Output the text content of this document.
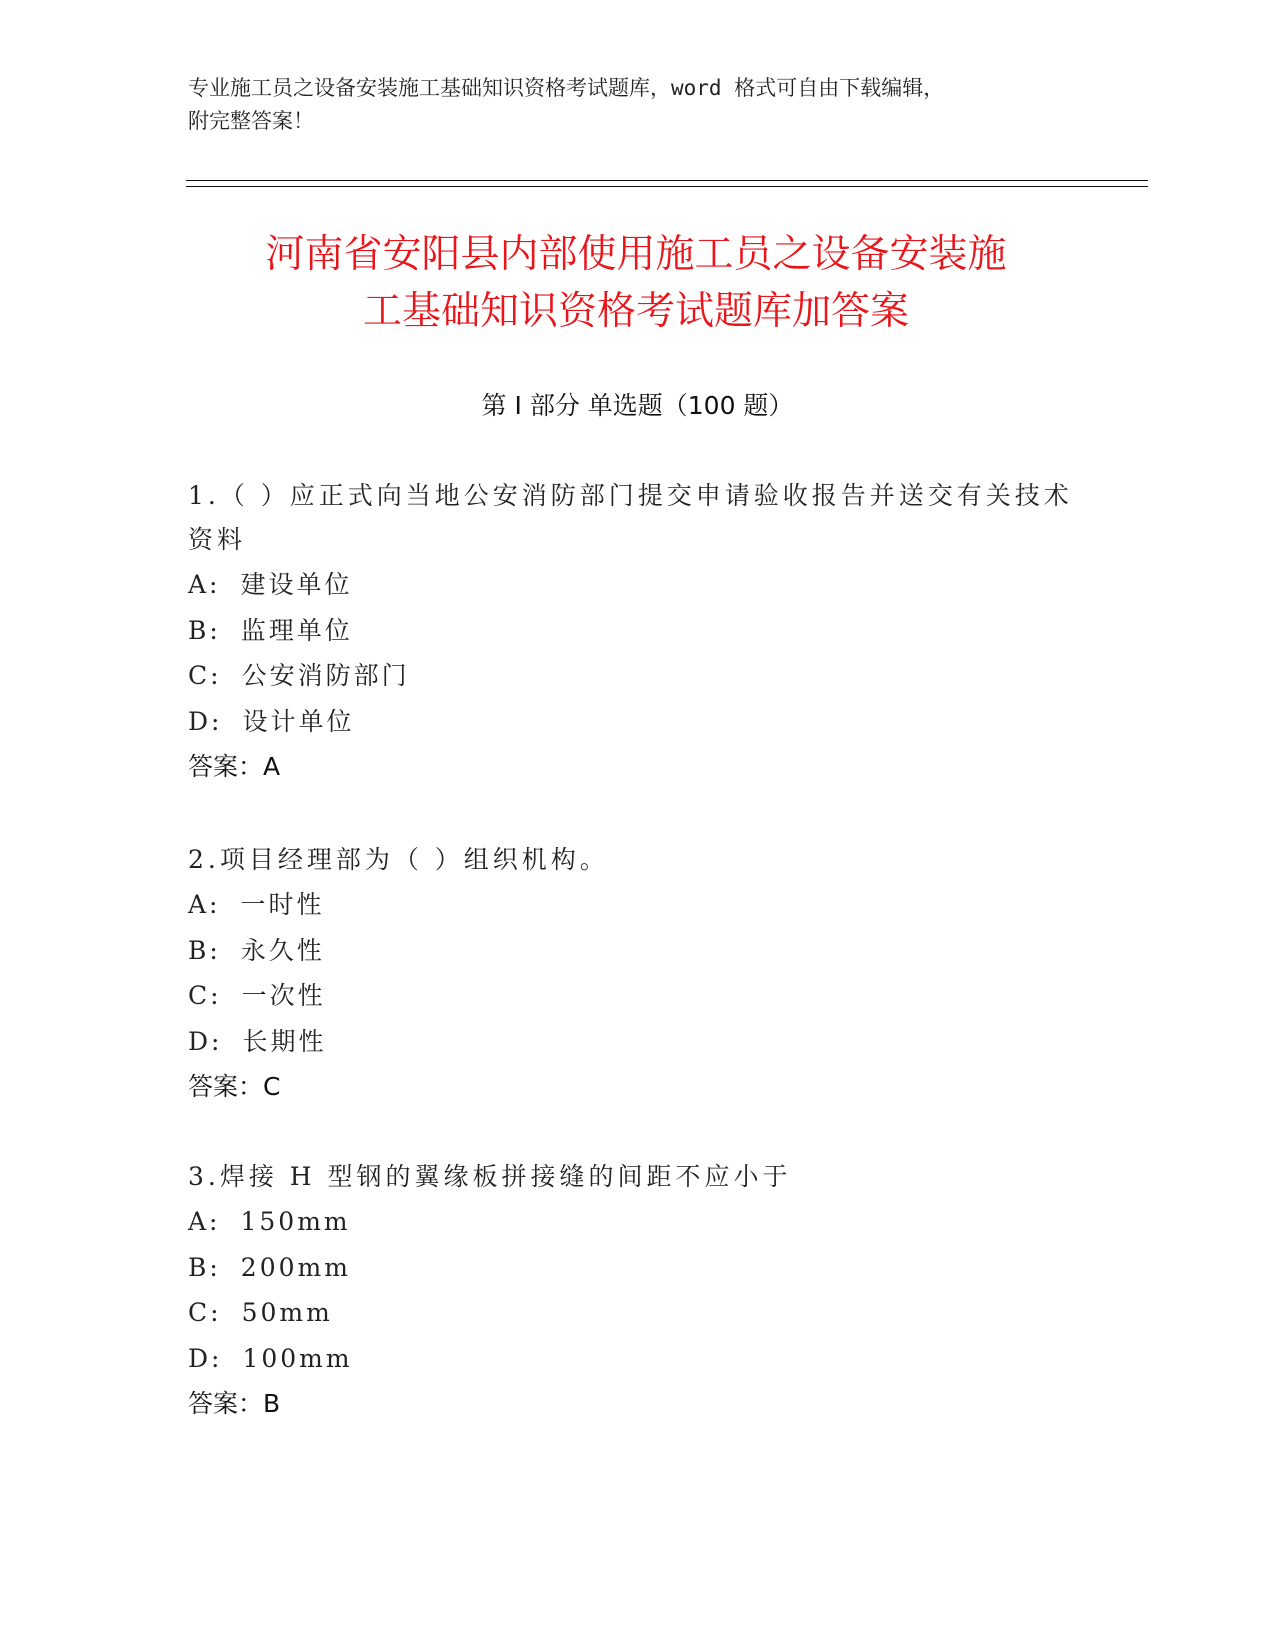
专业施工员之设备安装施工基础知识资格考试题库，word 格式可自由下载编辑，
附完整答案！
河南省安阳县内部使用施工员之设备安装施
工基础知识资格考试题库加答案
第 I 部分 单选题（100 题）
1.（ ）应正式向当地公安消防部门提交申请验收报告并送交有关技术
资料
A: 建设单位
B: 监理单位
C: 公安消防部门
D: 设计单位
答案：A
2.项目经理部为（ ）组织机构。
A: 一时性
B: 永久性
C: 一次性
D: 长期性
答案：C
3.焊接 H 型钢的翼缘板拼接缝的间距不应小于
A: 150mm
B: 200mm
C: 50mm
D: 100mm
答案：B
